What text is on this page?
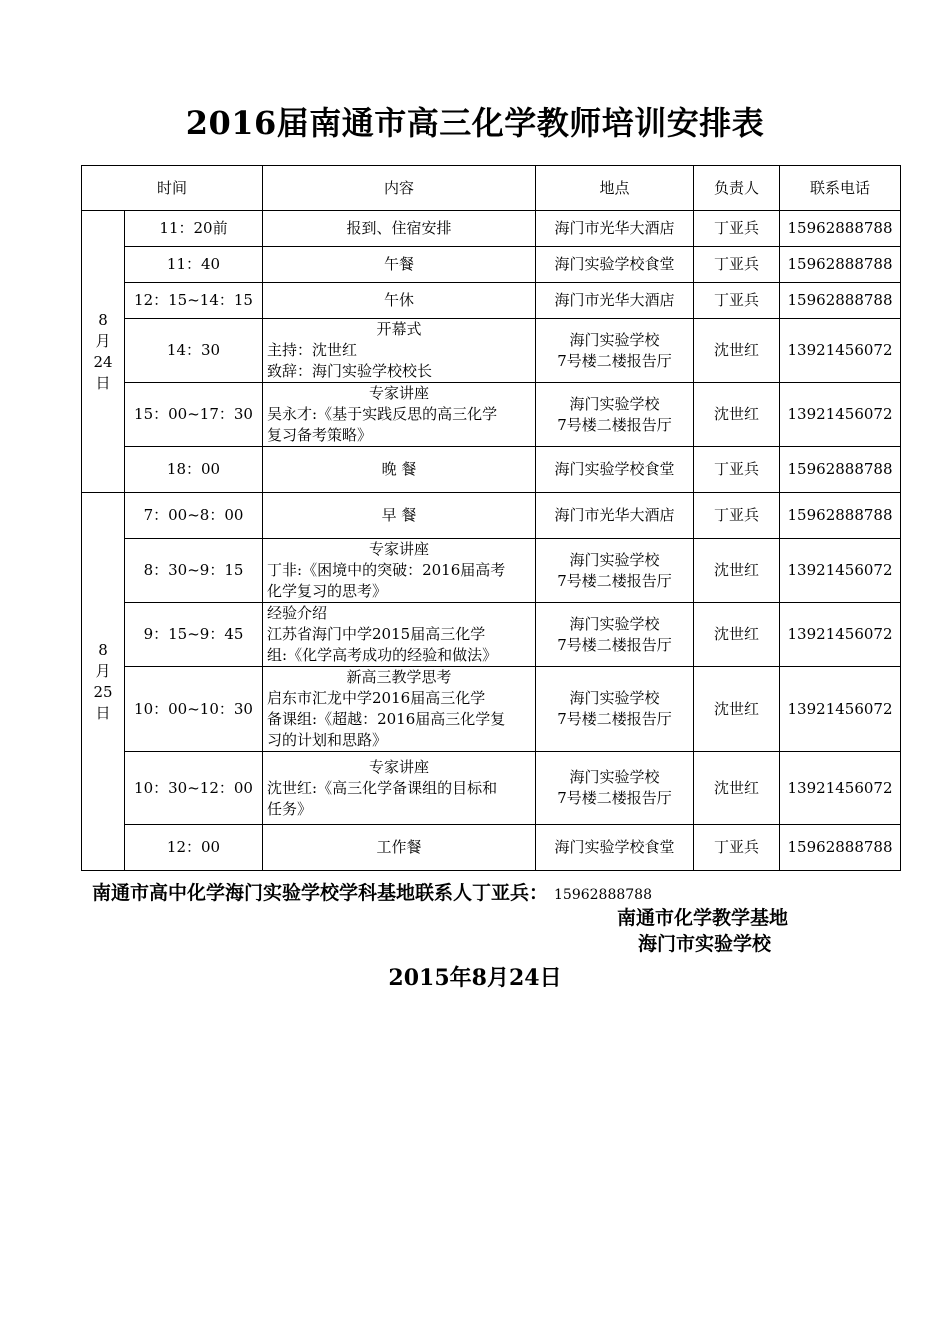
2016届南通市高三化学教师培训安排表
时间		内容	地点	负责人	联系电话

8
月
24
日	11：20前	报到、住宿安排	海门市光华大酒店	丁亚兵	15962888788
	11：40	午餐	海门实验学校食堂	丁亚兵	15962888788
	12：15~14：15	午休	海门市光华大酒店	丁亚兵	15962888788
	14：30	开幕式
主持：沈世红
致辞：海门实验学校校长	海门实验学校
7号楼二楼报告厅	沈世红	13921456072
	15：00~17：30	专家讲座
吴永才:《基于实践反思的高三化学
复习备考策略》	海门实验学校
7号楼二楼报告厅	沈世红	13921456072
	18：00	晚 餐	海门实验学校食堂	丁亚兵	15962888788

8
月
25
日	7：00~8：00	早 餐	海门市光华大酒店	丁亚兵	15962888788
	8：30~9：15	专家讲座
丁非:《困境中的突破：2016届高考
化学复习的思考》	海门实验学校
7号楼二楼报告厅	沈世红	13921456072
	9：15~9：45	经验介绍
江苏省海门中学2015届高三化学
组:《化学高考成功的经验和做法》	海门实验学校
7号楼二楼报告厅	沈世红	13921456072
	10：00~10：30	新高三教学思考
启东市汇龙中学2016届高三化学
备课组:《超越：2016届高三化学复
习的计划和思路》	海门实验学校
7号楼二楼报告厅	沈世红	13921456072
	10：30~12：00	专家讲座
沈世红:《高三化学备课组的目标和
任务》	海门实验学校
7号楼二楼报告厅	沈世红	13921456072
	12：00	工作餐	海门实验学校食堂	丁亚兵	15962888788
南通市高中化学海门实验学校学科基地联系人丁亚兵： 15962888788
南通市化学教学基地
海门市实验学校
2015年8月24日
